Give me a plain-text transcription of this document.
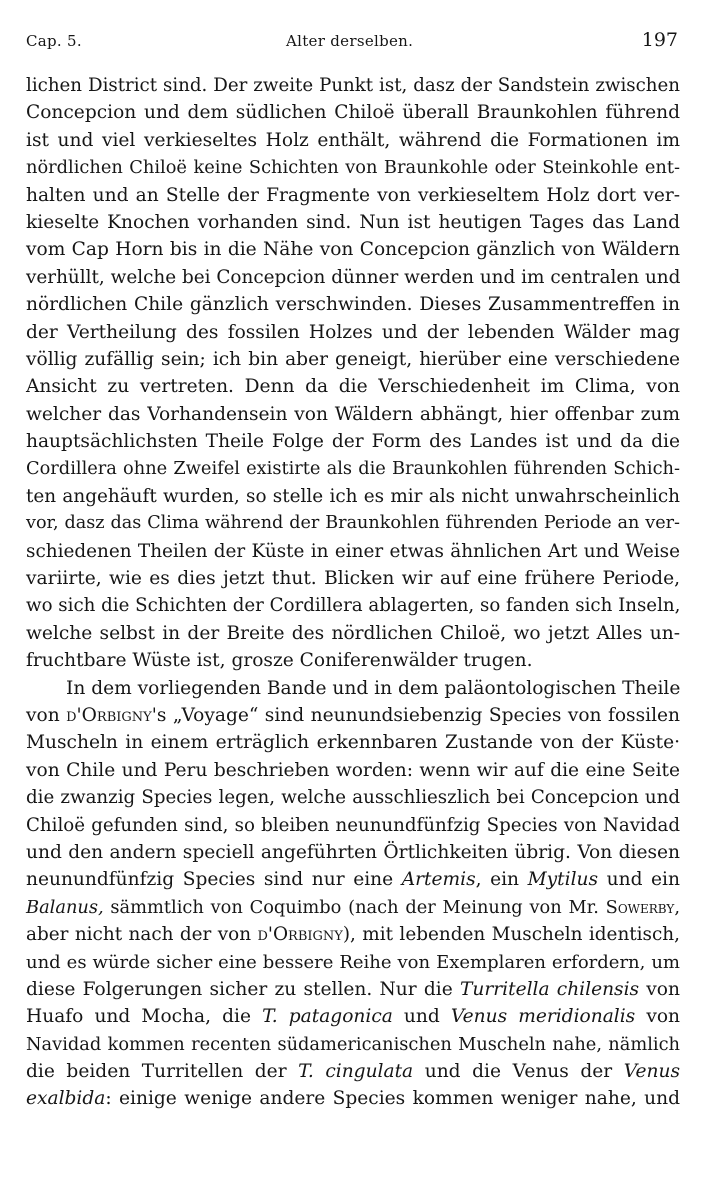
Cap. 5.	Alter derselben.	197
lichen District sind. Der zweite Punkt ist, dasz der Sandstein zwischen
Concepcion und dem südlichen Chiloë überall Braunkohlen führend
ist und viel verkieseltes Holz enthält, während die Formationen im
nördlichen Chiloë keine Schichten von Braunkohle oder Steinkohle ent-
halten und an Stelle der Fragmente von verkieseltem Holz dort ver-
kieselte Knochen vorhanden sind. Nun ist heutigen Tages das Land
vom Cap Horn bis in die Nähe von Concepcion gänzlich von Wäldern
verhüllt, welche bei Concepcion dünner werden und im centralen und
nördlichen Chile gänzlich verschwinden. Dieses Zusammentreffen in
der Vertheilung des fossilen Holzes und der lebenden Wälder mag
völlig zufällig sein; ich bin aber geneigt, hierüber eine verschiedene
Ansicht zu vertreten. Denn da die Verschiedenheit im Clima, von
welcher das Vorhandensein von Wäldern abhängt, hier offenbar zum
hauptsächlichsten Theile Folge der Form des Landes ist und da die
Cordillera ohne Zweifel existirte als die Braunkohlen führenden Schich-
ten angehäuft wurden, so stelle ich es mir als nicht unwahrscheinlich
vor, dasz das Clima während der Braunkohlen führenden Periode an ver-
schiedenen Theilen der Küste in einer etwas ähnlichen Art und Weise
variirte, wie es dies jetzt thut. Blicken wir auf eine frühere Periode,
wo sich die Schichten der Cordillera ablagerten, so fanden sich Inseln,
welche selbst in der Breite des nördlichen Chiloë, wo jetzt Alles un-
fruchtbare Wüste ist, grosze Coniferenwälder trugen.
In dem vorliegenden Bande und in dem paläontologischen Theile
von d'Orbigny's „Voyage“ sind neunundsiebenzig Species von fossilen
Muscheln in einem erträglich erkennbaren Zustande von der Küste·
von Chile und Peru beschrieben worden: wenn wir auf die eine Seite
die zwanzig Species legen, welche ausschlieszlich bei Concepcion und
Chiloë gefunden sind, so bleiben neunundfünfzig Species von Navidad
und den andern speciell angeführten Örtlichkeiten übrig. Von diesen
neunundfünfzig Species sind nur eine Artemis, ein Mytilus und ein
Balanus, sämmtlich von Coquimbo (nach der Meinung von Mr. Sowerby,
aber nicht nach der von d'Orbigny), mit lebenden Muscheln identisch,
und es würde sicher eine bessere Reihe von Exemplaren erfordern, um
diese Folgerungen sicher zu stellen. Nur die Turritella chilensis von
Huafo und Mocha, die T. patagonica und Venus meridionalis von
Navidad kommen recenten südamericanischen Muscheln nahe, nämlich
die beiden Turritellen der T. cingulata und die Venus der Venus
exalbida: einige wenige andere Species kommen weniger nahe, und
